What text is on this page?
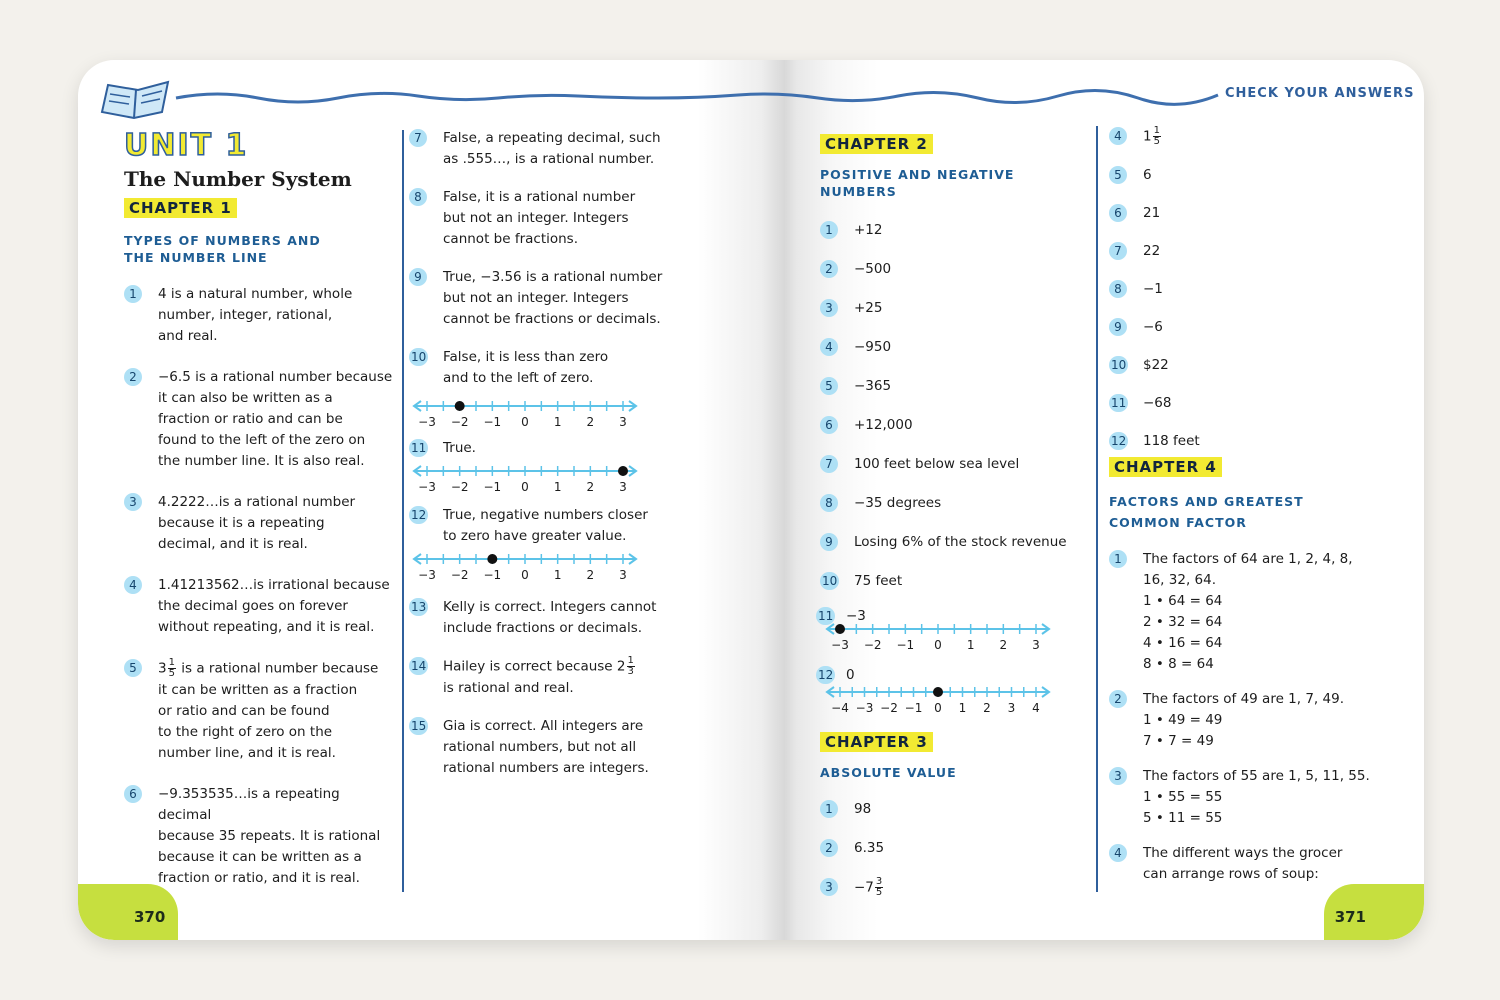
CHECK YOUR ANSWERS
UNIT 1
The Number System
CHAPTER 1
TYPES OF NUMBERS AND
THE NUMBER LINE
1	4 is a natural number, whole
number, integer, rational,
and real.
2	−6.5 is a rational number because
it can also be written as a
fraction or ratio and can be
found to the left of the zero on
the number line. It is also real.
3	4.2222…is a rational number
because it is a repeating
decimal, and it is real.
4	1.41213562…is irrational because
the decimal goes on forever
without repeating, and it is real.
5	$3 \frac{1}{5}$ is a rational number because
it can be written as a fraction
or ratio and can be found
to the right of zero on the
number line, and it is real.
6	−9.353535…is a repeating decimal
because 35 repeats. It is rational
because it can be written as a
fraction or ratio, and it is real.
7	False, a repeating decimal, such
as .555…, is a rational number.
8	False, it is a rational number
but not an integer. Integers
cannot be fractions.
9	True, −3.56 is a rational number
but not an integer. Integers
cannot be fractions or decimals.
10 False, it is less than zero
and to the left of zero.
−3 −2 −1 0 1 2 3
11 True.
−3 −2 −1 0 1 2 3
12 True, negative numbers closer
to zero have greater value.
−3 −2 −1 0 1 2 3
13 Kelly is correct. Integers cannot
include fractions or decimals.
14 Hailey is correct because $2 \frac{1}{3}$
is rational and real.
15 Gia is correct. All integers are
rational numbers, but not all
rational numbers are integers.
CHAPTER 2
POSITIVE AND NEGATIVE NUMBERS
1	+12
2	−500
3	+25
4	−950
5	−365
6	+12,000
7	100 feet below sea level
8	−35 degrees
9	Losing 6% of the stock revenue
10 75 feet
11 −3
−3 −2 −1 0 1 2 3
12 0
−4 −3 −2 −1 0 1 2 3 4
CHAPTER 3
ABSOLUTE VALUE
1	98
2	6.35
3	$-7 \frac{3}{5}$
4	$1 \frac{1}{5}$
5	6
6	21
7	22
8	−1
9	−6
10 $22
11 −68
12 118 feet
CHAPTER 4
FACTORS AND GREATEST
COMMON FACTOR
1	The factors of 64 are 1, 2, 4, 8,
16, 32, 64.
1 • 64 = 64
2 • 32 = 64
4 • 16 = 64
8 • 8 = 64
2	The factors of 49 are 1, 7, 49.
1 • 49 = 49
7 • 7 = 49
3	The factors of 55 are 1, 5, 11, 55.
1 • 55 = 55
5 • 11 = 55
4	The different ways the grocer
can arrange rows of soup:
370	371
